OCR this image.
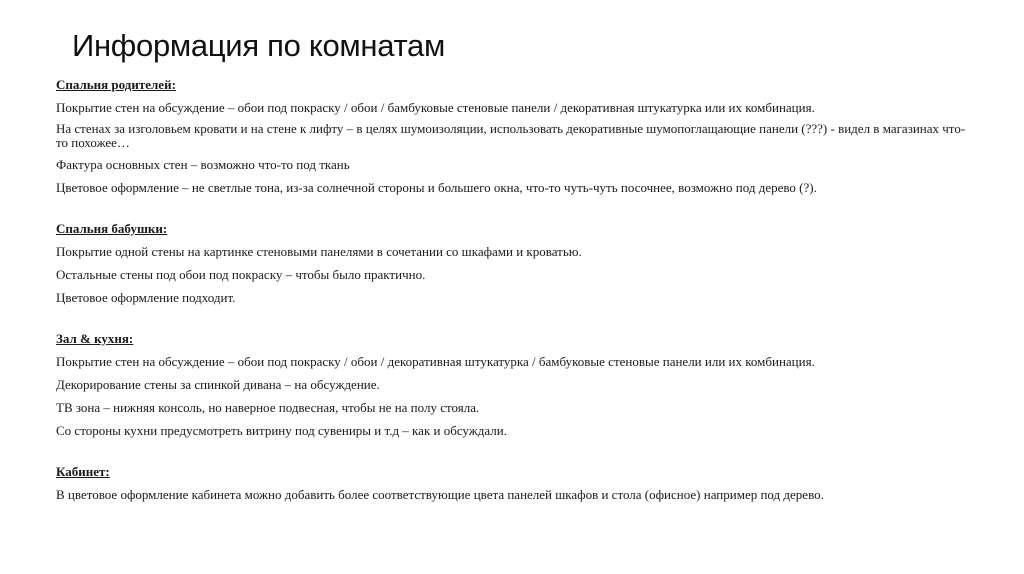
Информация по комнатам
Спальня родителей:
Покрытие стен на обсуждение – обои под покраску / обои / бамбуковые стеновые панели / декоративная штукатурка или их комбинация.
На стенах за изголовьем кровати и на стене к лифту – в целях шумоизоляции, использовать декоративные шумопоглащающие панели (???) - видел в магазинах что-то похожее…
Фактура основных стен – возможно что-то под ткань
Цветовое оформление – не светлые тона, из-за солнечной стороны и большего окна, что-то чуть-чуть посочнее, возможно под дерево (?).
Спальня бабушки:
Покрытие одной стены на картинке стеновыми панелями в сочетании со шкафами и кроватью.
Остальные стены под обои под покраску – чтобы было практично.
Цветовое оформление подходит.
Зал & кухня:
Покрытие стен на обсуждение – обои под покраску / обои / декоративная штукатурка / бамбуковые стеновые панели или их комбинация.
Декорирование стены за спинкой дивана – на обсуждение.
ТВ зона – нижняя консоль, но наверное подвесная, чтобы не на полу стояла.
Со стороны кухни предусмотреть витрину под сувениры и т.д – как и обсуждали.
Кабинет:
В цветовое оформление кабинета можно добавить более соответствующие цвета панелей шкафов и стола (офисное) например под дерево.
